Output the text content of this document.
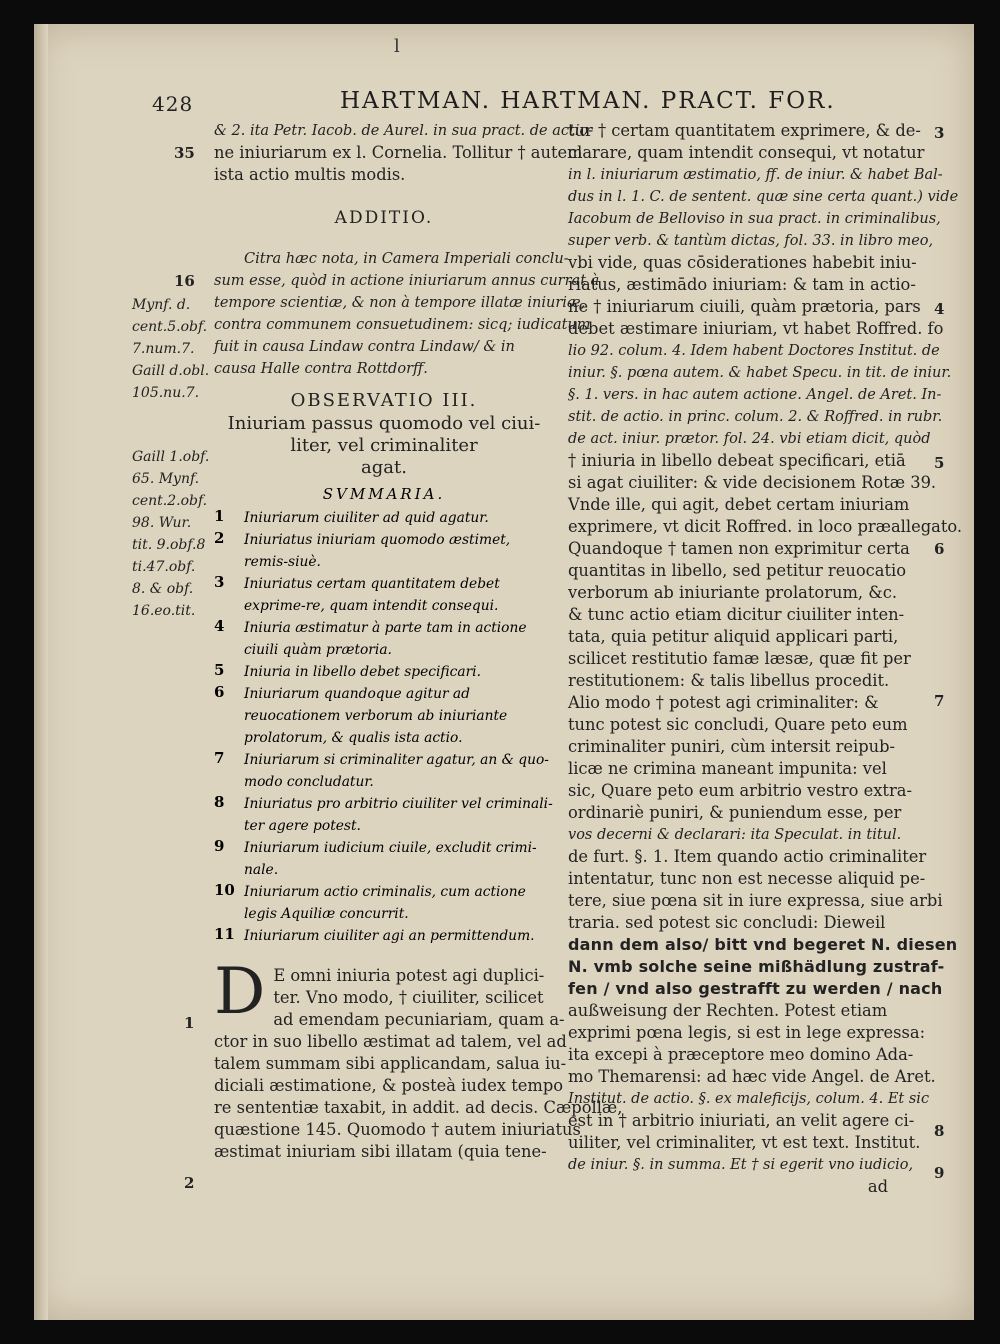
l
428	HARTMAN. HARTMAN. PRACT. FOR.
35
16
Mynf. d.
cent.5.obf.
7.num.7.
Gaill d.obl.
105.nu.7.
Gaill 1.obf.
65. Mynf.
cent.2.obf.
98. Wur.
tit. 9.obf.8
ti.47.obf.
8. & obf.
16.eo.tit.
1
2
& 2. ita Petr. Iacob. de Aurel. in sua pract. de actio-
ne iniuriarum ex l. Cornelia. Tollitur † autem
ista actio multis modis.
ADDITIO.
Citra hæc nota, in Camera Imperiali conclu-
sum esse, quòd in actione iniuriarum annus currat à
tempore scientiæ, & non à tempore illatæ iniuriæ,
contra communem consuetudinem: sicq; iudicatum
fuit in causa Lindaw contra Lindaw/ & in
causa Halle contra Rottdorff.
OBSERVATIO III.
Iniuriam passus quomodo vel ciui-
liter, vel criminaliter
agat.
SVMMARIA.
1 Iniuriarum ciuiliter ad quid agatur.
2 Iniuriatus iniuriam quomodo æstimet, remis-siuè.
3 Iniuriatus certam quantitatem debet exprime-re, quam intendit consequi.
4 Iniuria æstimatur à parte tam in actione ciuili quàm prætoria.
5 Iniuria in libello debet specificari.
6 Iniuriarum quandoque agitur ad reuocationem verborum ab iniuriante prolatorum, & qualis ista actio.
7 Iniuriarum si criminaliter agatur, an & quo-modo concludatur.
8 Iniuriatus pro arbitrio ciuiliter vel criminali-ter agere potest.
9 Iniuriarum iudicium ciuile, excludit crimi-nale.
10 Iniuriarum actio criminalis, cum actione legis Aquiliæ concurrit.
11 Iniuriarum ciuiliter agi an permittendum.
D E omni iniuria potest agi duplici-
ter. Vno modo, † ciuiliter, scilicet
ad emendam pecuniariam, quam a-
ctor in suo libello æstimat ad talem, vel ad
talem summam sibi applicandam, salua iu-
diciali æstimatione, & posteà iudex tempo
re sententiæ taxabit, in addit. ad decis. Cæpollæ,
quæstione 145. Quomodo † autem iniuriatus
æstimat iniuriam sibi illatam (quia tene-
tur † certam quantitatem exprimere, & de-
clarare, quam intendit consequi, vt notatur
in l. iniuriarum æstimatio, ff. de iniur. & habet Bal-
dus in l. 1. C. de sentent. quæ sine certa quant.) vide
Iacobum de Belloviso in sua pract. in criminalibus,
super verb. & tantùm dictas, fol. 33. in libro meo,
vbi vide, quas cōsiderationes habebit iniu-
riatus, æstimādo iniuriam: & tam in actio-
ne † iniuriarum ciuili, quàm prætoria, pars
debet æstimare iniuriam, vt habet Roffred. fo
lio 92. colum. 4. Idem habent Doctores Institut. de
iniur. §. pœna autem. & habet Specu. in tit. de iniur.
§. 1. vers. in hac autem actione. Angel. de Aret. In-
stit. de actio. in princ. colum. 2. & Roffred. in rubr.
de act. iniur. prætor. fol. 24. vbi etiam dicit, quòd
† iniuria in libello debeat specificari, etiā
si agat ciuiliter: & vide decisionem Rotæ 39.
Vnde ille, qui agit, debet certam iniuriam
exprimere, vt dicit Roffred. in loco præallegato.
Quandoque † tamen non exprimitur certa
quantitas in libello, sed petitur reuocatio
verborum ab iniuriante prolatorum, &c.
& tunc actio etiam dicitur ciuiliter inten-
tata, quia petitur aliquid applicari parti,
scilicet restitutio famæ læsæ, quæ fit per
restitutionem: & talis libellus procedit.
Alio modo † potest agi criminaliter: &
tunc potest sic concludi, Quare peto eum
criminaliter puniri, cùm intersit reipub-
licæ ne crimina maneant impunita: vel
sic, Quare peto eum arbitrio vestro extra-
ordinariè puniri, & puniendum esse, per
vos decerni & declarari: ita Speculat. in titul.
de furt. §. 1. Item quando actio criminaliter
intentatur, tunc non est necesse aliquid pe-
tere, siue pœna sit in iure expressa, siue arbi
traria. sed potest sic concludi: Dieweil
dann dem also/ bitt vnd begeret N. diesen
N. vmb solche seine mißhädlung zustraf-
fen / vnd also gestrafft zu werden / nach
außweisung der Rechten. Potest etiam
exprimi pœna legis, si est in lege expressa:
ita excepi à præceptore meo domino Ada-
mo Themarensi: ad hæc vide Angel. de Aret.
Institut. de actio. §. ex maleficijs, colum. 4. Et sic
est in † arbitrio iniuriati, an velit agere ci-
uiliter, vel criminaliter, vt est text. Institut.
de iniur. §. in summa. Et † si egerit vno iudicio,
ad
3
4
5
6
7
8
9
